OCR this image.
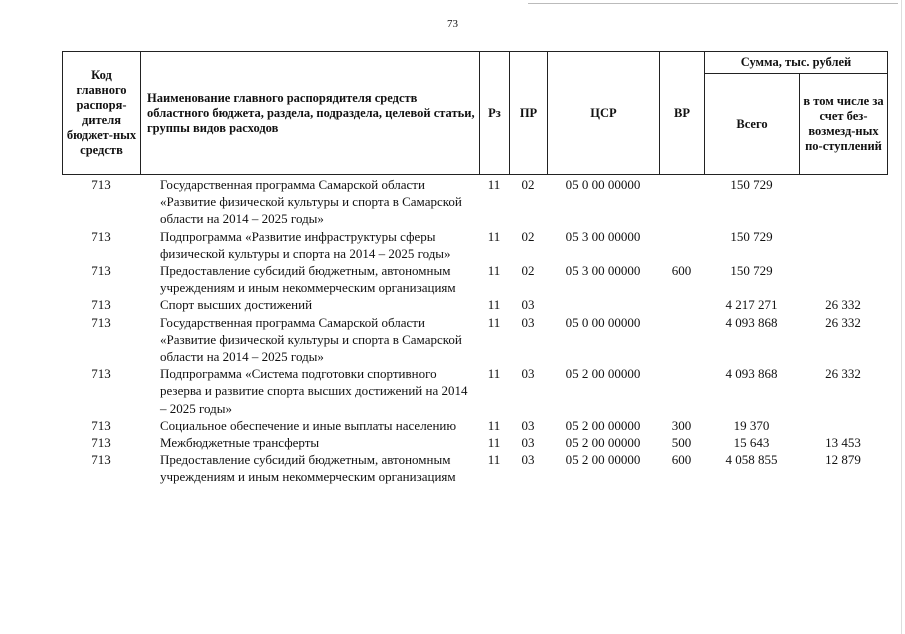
73
Код главного распоря-дителя бюджет-ных средств	Наименование главного распорядителя средств областного бюджета, раздела, подраздела, целевой статьи, группы видов расходов	Рз	ПР	ЦСР	ВР	Сумма, тыс. рублей	
						Всего	в том числе за счет без-возмезд-ных по-ступлений
713	Государственная программа Самарской области «Развитие физической культуры и спорта в Самарской области на 2014 – 2025 годы»	11	02	05 0 00 00000		150 729	
713	Подпрограмма «Развитие инфраструктуры сферы физической культуры и спорта на 2014 – 2025 годы»	11	02	05 3 00 00000		150 729	
713	Предоставление субсидий бюджетным, автономным учреждениям и иным некоммерческим организациям	11	02	05 3 00 00000	600	150 729	
713	Спорт высших достижений	11	03			4 217 271	26 332
713	Государственная программа Самарской области «Развитие физической культуры и спорта в Самарской области на 2014 – 2025 годы»	11	03	05 0 00 00000		4 093 868	26 332
713	Подпрограмма «Система подготовки спортивного резерва и развитие спорта высших достижений на 2014 – 2025 годы»	11	03	05 2 00 00000		4 093 868	26 332
713	Социальное обеспечение и иные выплаты населению	11	03	05 2 00 00000	300	19 370	
713	Межбюджетные трансферты	11	03	05 2 00 00000	500	15 643	13 453
713	Предоставление субсидий бюджетным, автономным учреждениям и иным некоммерческим организациям	11	03	05 2 00 00000	600	4 058 855	12 879
